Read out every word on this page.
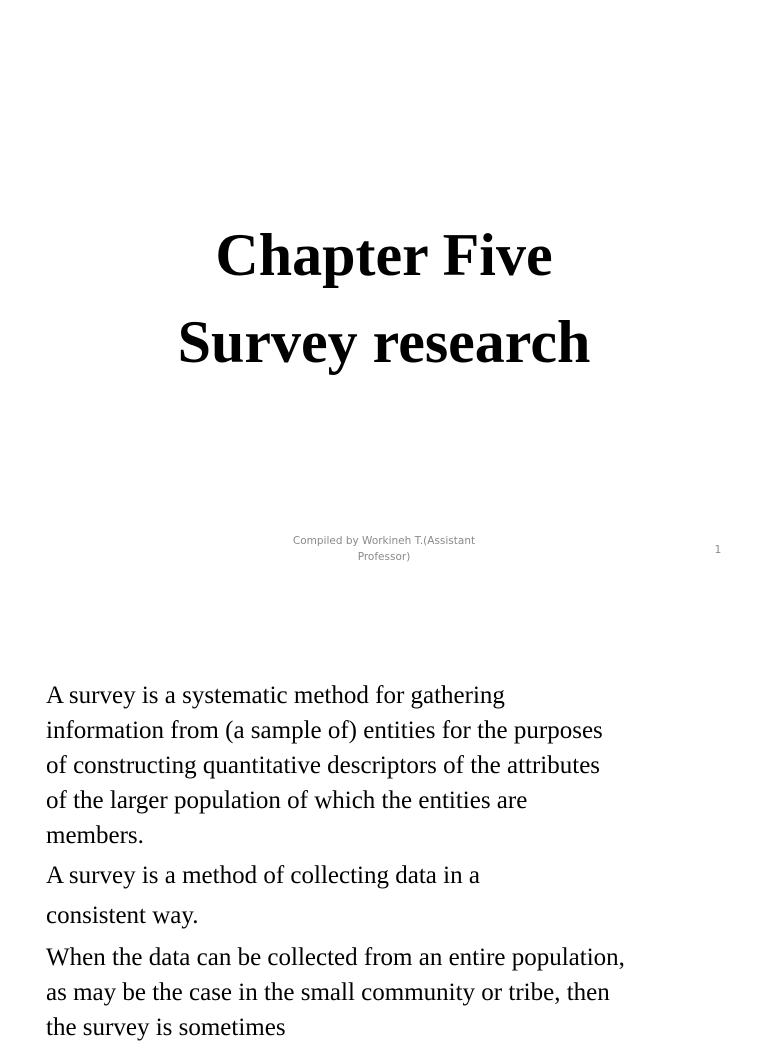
Chapter Five
Survey research
Compiled by Workineh T.(Assistant
Professor)
1
A survey is a systematic method for gathering
information from (a sample of) entities for the purposes
of constructing quantitative descriptors of the attributes
of the larger population of which the entities are
members.
A survey is a method of collecting data in a
consistent way.
When the data can be collected from an entire population,
as may be the case in the small community or tribe, then
the survey is sometimes
